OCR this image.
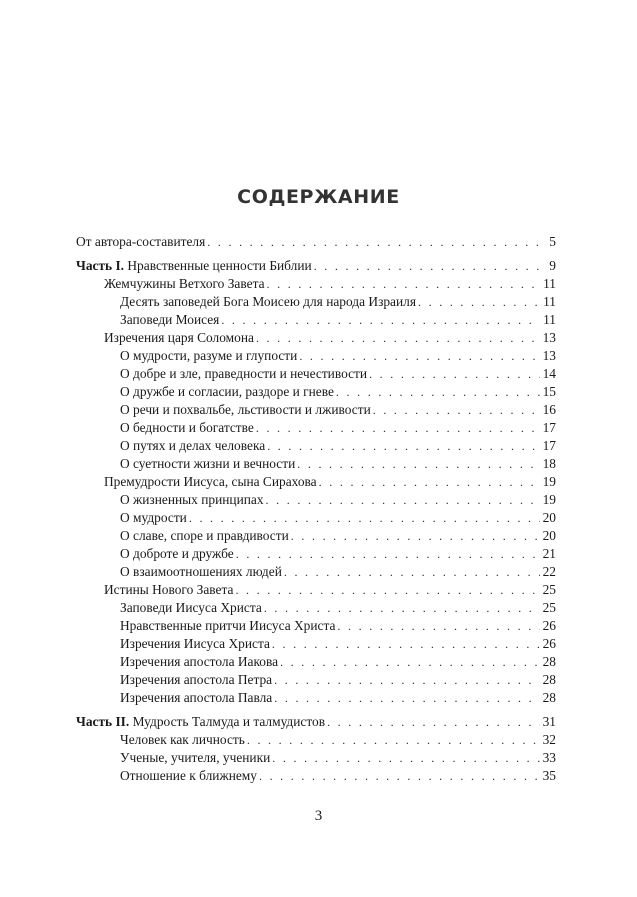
СОДЕРЖАНИЕ
От автора-составителя . . .	5
Часть I. Нравственные ценности Библии . . .	9
Жемчужины Ветхого Завета . . .	11
Десять заповедей Бога Моисею для народа Израиля . . .	11
Заповеди Моисея . . .	11
Изречения царя Соломона . . .	13
О мудрости, разуме и глупости . . .	13
О добре и зле, праведности и нечестивости . . .	14
О дружбе и согласии, раздоре и гневе . . .	15
О речи и похвальбе, льстивости и лживости . . .	16
О бедности и богатстве . . .	17
О путях и делах человека . . .	17
О суетности жизни и вечности . . .	18
Премудрости Иисуса, сына Сирахова . . .	19
О жизненных принципах . . .	19
О мудрости . . .	20
О славе, споре и правдивости . . .	20
О доброте и дружбе . . .	21
О взаимоотношениях людей . . .	22
Истины Нового Завета . . .	25
Заповеди Иисуса Христа . . .	25
Нравственные притчи Иисуса Христа . . .	26
Изречения Иисуса Христа . . .	26
Изречения апостола Иакова . . .	28
Изречения апостола Петра . . .	28
Изречения апостола Павла . . .	28
Часть II. Мудрость Талмуда и талмудистов . . .	31
Человек как личность . . .	32
Ученые, учителя, ученики . . .	33
Отношение к ближнему . . .	35
3
